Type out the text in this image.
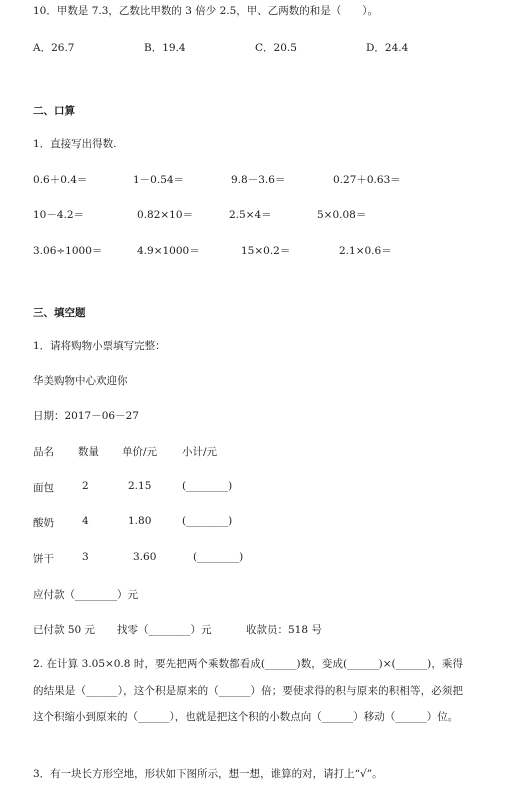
10．甲数是 7.3，乙数比甲数的 3 倍少 2.5，甲、乙两数的和是（　　）。
A．26.7	B．19.4	C．20.5	D．24.4
二、口算
1．直接写出得数.
0.6＋0.4＝	1－0.54＝	9.8－3.6＝	0.27＋0.63＝
10－4.2＝	0.82×10＝	2.5×4＝	5×0.08＝
3.06÷1000＝	4.9×1000＝	15×0.2＝	2.1×0.6＝
三、填空题
1．请将购物小票填写完整：
华美购物中心欢迎你
日期：2017－06－27
品名 数量 单价/元 小计/元
面包	2	2.15	(________)
酸奶	4	1.80	(________)
饼干	3	3.60	(________)
应付款（________）元
已付款 50 元 找零（________）元	收款员：518 号
2. 在计算 3.05×0.8 时，要先把两个乘数都看成(______)数，变成(______)×(______)，乘得的结果是（______），这个积是原来的（______）倍；要使求得的积与原来的积相等，必须把这个积缩小到原来的（______），也就是把这个积的小数点向（______）移动（______）位。
3．有一块长方形空地，形状如下图所示，想一想，谁算的对，请打上“√”。
